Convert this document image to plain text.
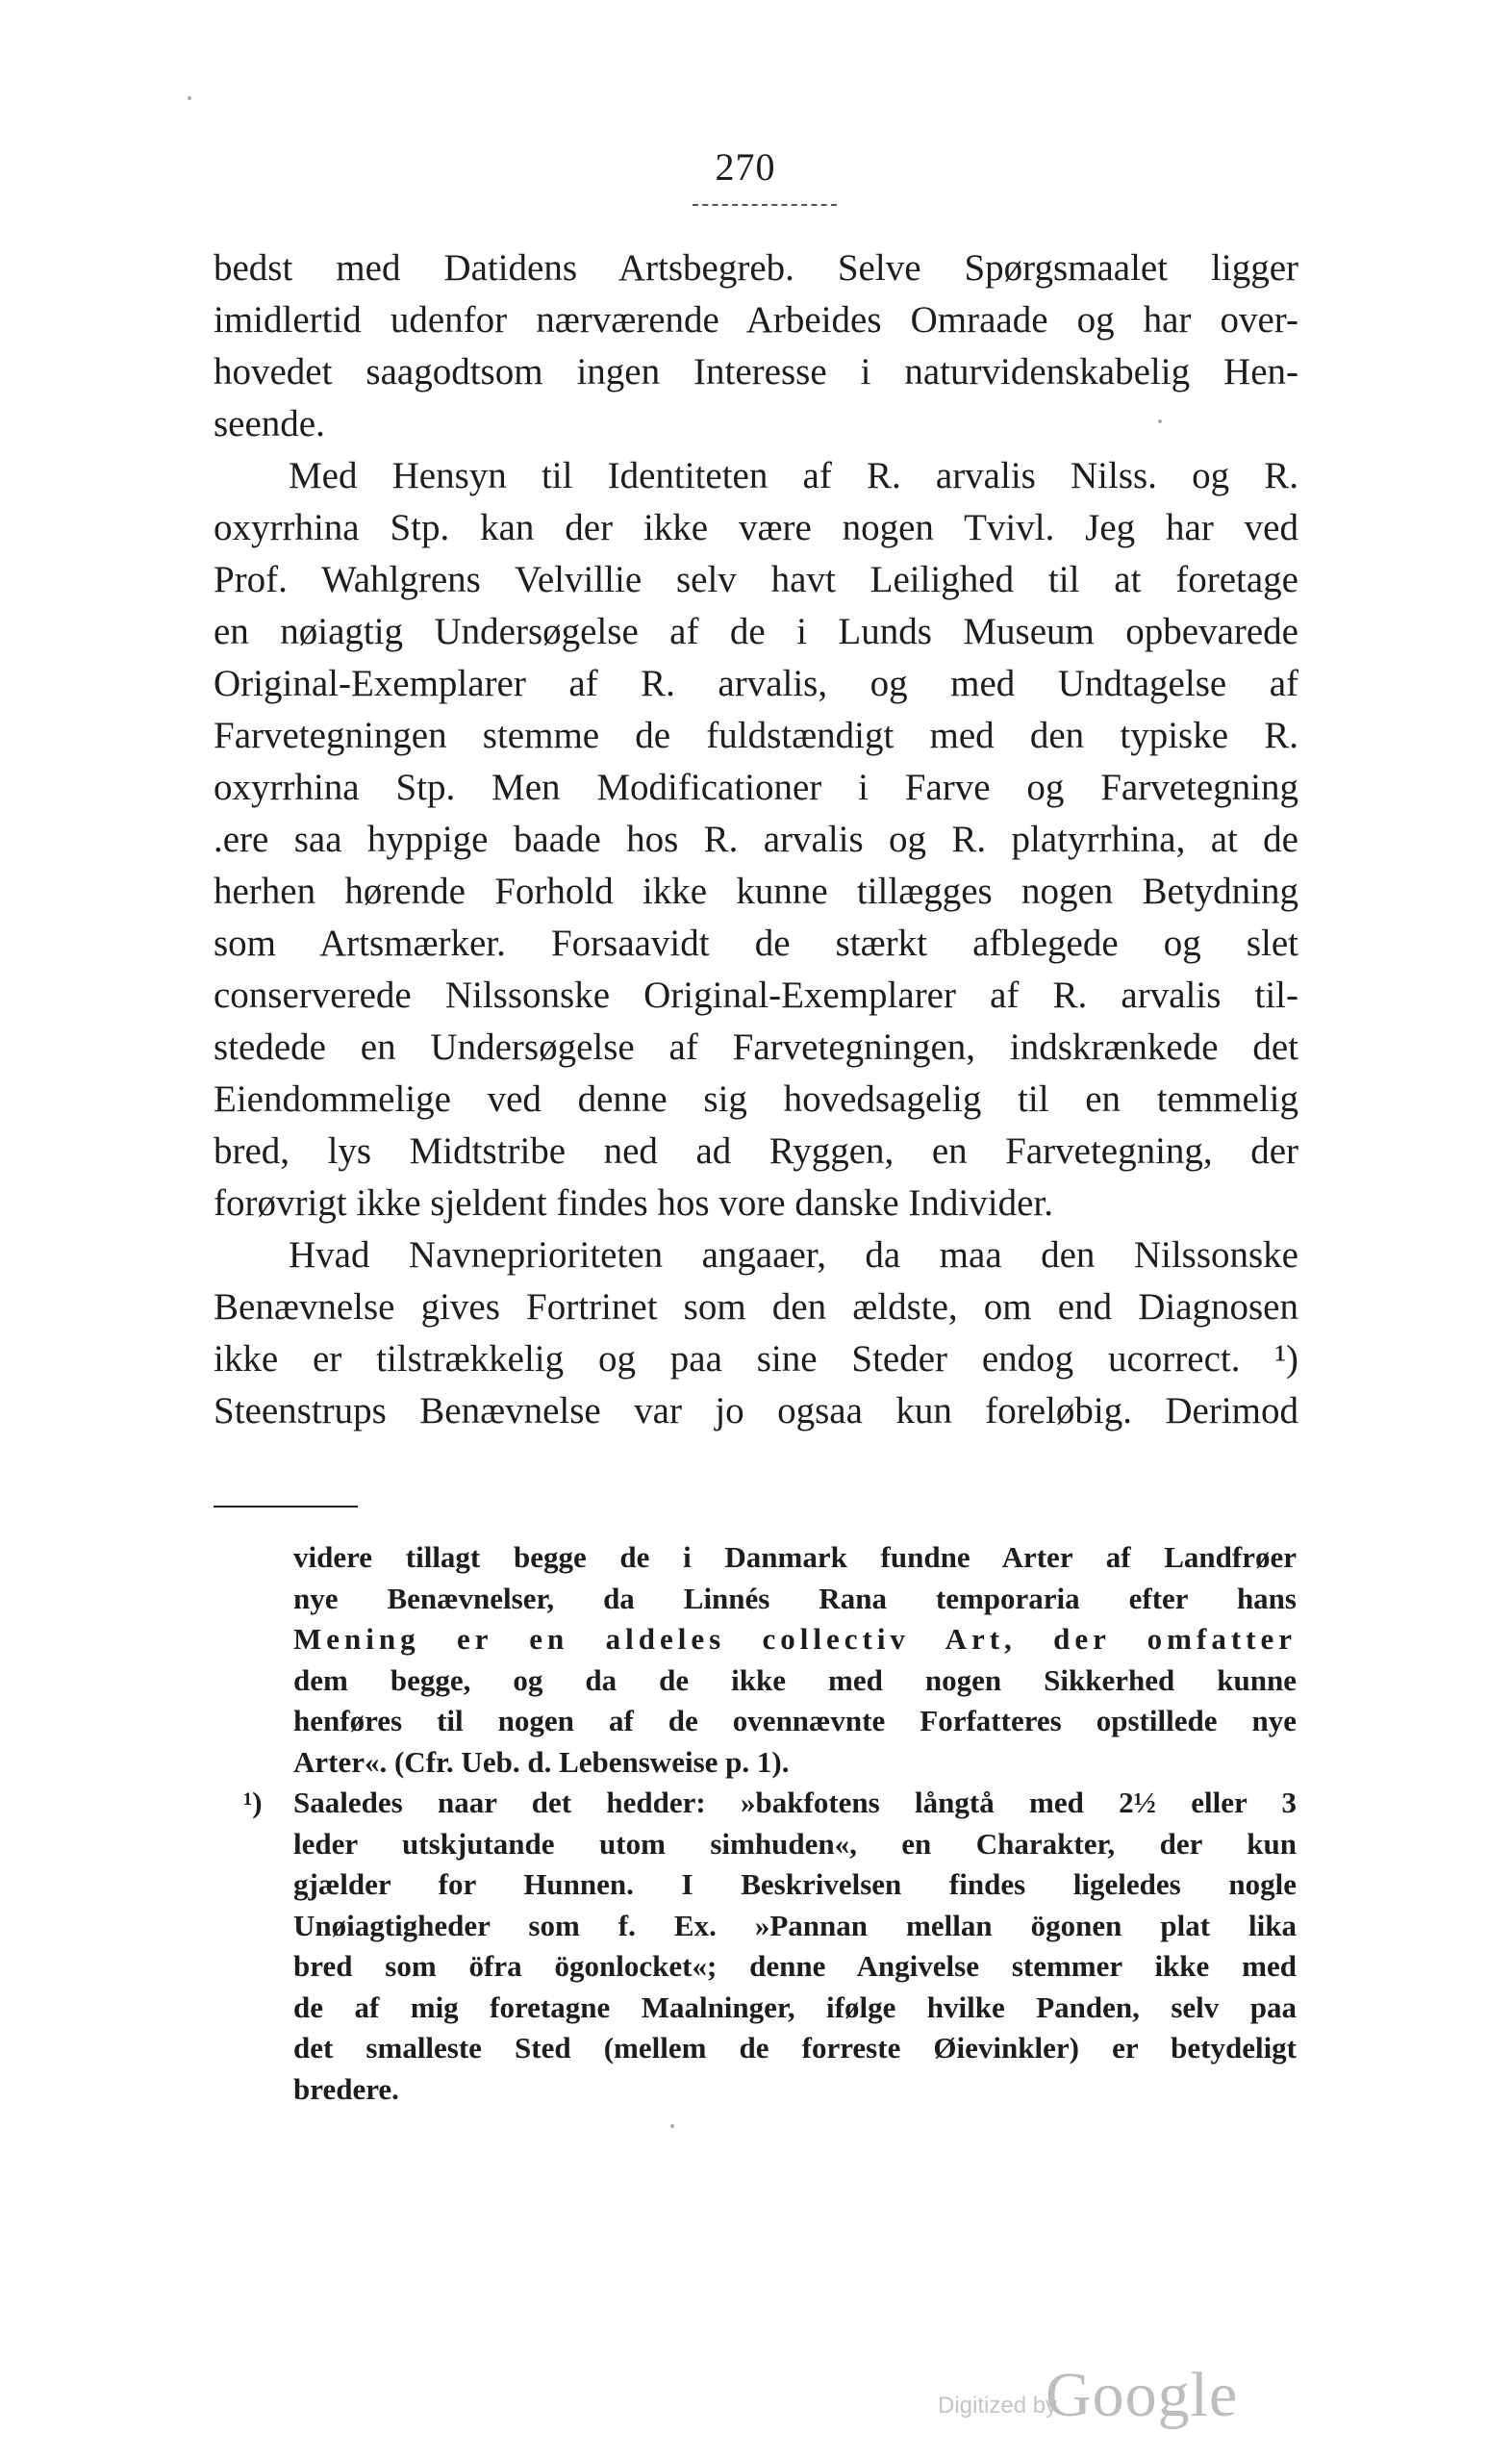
270
bedst med Datidens Artsbegreb. Selve Spørgsmaalet ligger
imidlertid udenfor nærværende Arbeides Omraade og har over-
hovedet saagodtsom ingen Interesse i naturvidenskabelig Hen-
seende.
Med Hensyn til Identiteten af R. arvalis Nilss. og R.
oxyrrhina Stp. kan der ikke være nogen Tvivl. Jeg har ved
Prof. Wahlgrens Velvillie selv havt Leilighed til at foretage
en nøiagtig Undersøgelse af de i Lunds Museum opbevarede
Original-Exemplarer af R. arvalis, og med Undtagelse af
Farvetegningen stemme de fuldstændigt med den typiske R.
oxyrrhina Stp. Men Modificationer i Farve og Farvetegning
.ere saa hyppige baade hos R. arvalis og R. platyrrhina, at de
herhen hørende Forhold ikke kunne tillægges nogen Betydning
som Artsmærker. Forsaavidt de stærkt afblegede og slet
conserverede Nilssonske Original-Exemplarer af R. arvalis til-
stedede en Undersøgelse af Farvetegningen, indskrænkede det
Eiendommelige ved denne sig hovedsagelig til en temmelig
bred, lys Midtstribe ned ad Ryggen, en Farvetegning, der
forøvrigt ikke sjeldent findes hos vore danske Individer.
Hvad Navneprioriteten angaaer, da maa den Nilssonske
Benævnelse gives Fortrinet som den ældste, om end Diagnosen
ikke er tilstrækkelig og paa sine Steder endog ucorrect. ¹)
Steenstrups Benævnelse var jo ogsaa kun foreløbig. Derimod
videre tillagt begge de i Danmark fundne Arter af Landfrøer
nye Benævnelser, da Linnés Rana temporaria efter hans
Mening er en aldeles collectiv Art, der omfatter
dem begge, og da de ikke med nogen Sikkerhed kunne
henføres til nogen af de ovennævnte Forfatteres opstillede nye
Arter«. (Cfr. Ueb. d. Lebensweise p. 1).
¹) Saaledes naar det hedder: »bakfotens långtå med 2½ eller 3
leder utskjutande utom simhuden«, en Charakter, der kun
gjælder for Hunnen. I Beskrivelsen findes ligeledes nogle
Unøiagtigheder som f. Ex. »Pannan mellan ögonen plat lika
bred som öfra ögonlocket«; denne Angivelse stemmer ikke med
de af mig foretagne Maalninger, ifølge hvilke Panden, selv paa
det smalleste Sted (mellem de forreste Øievinkler) er betydeligt
bredere.
Digitized by
Google
